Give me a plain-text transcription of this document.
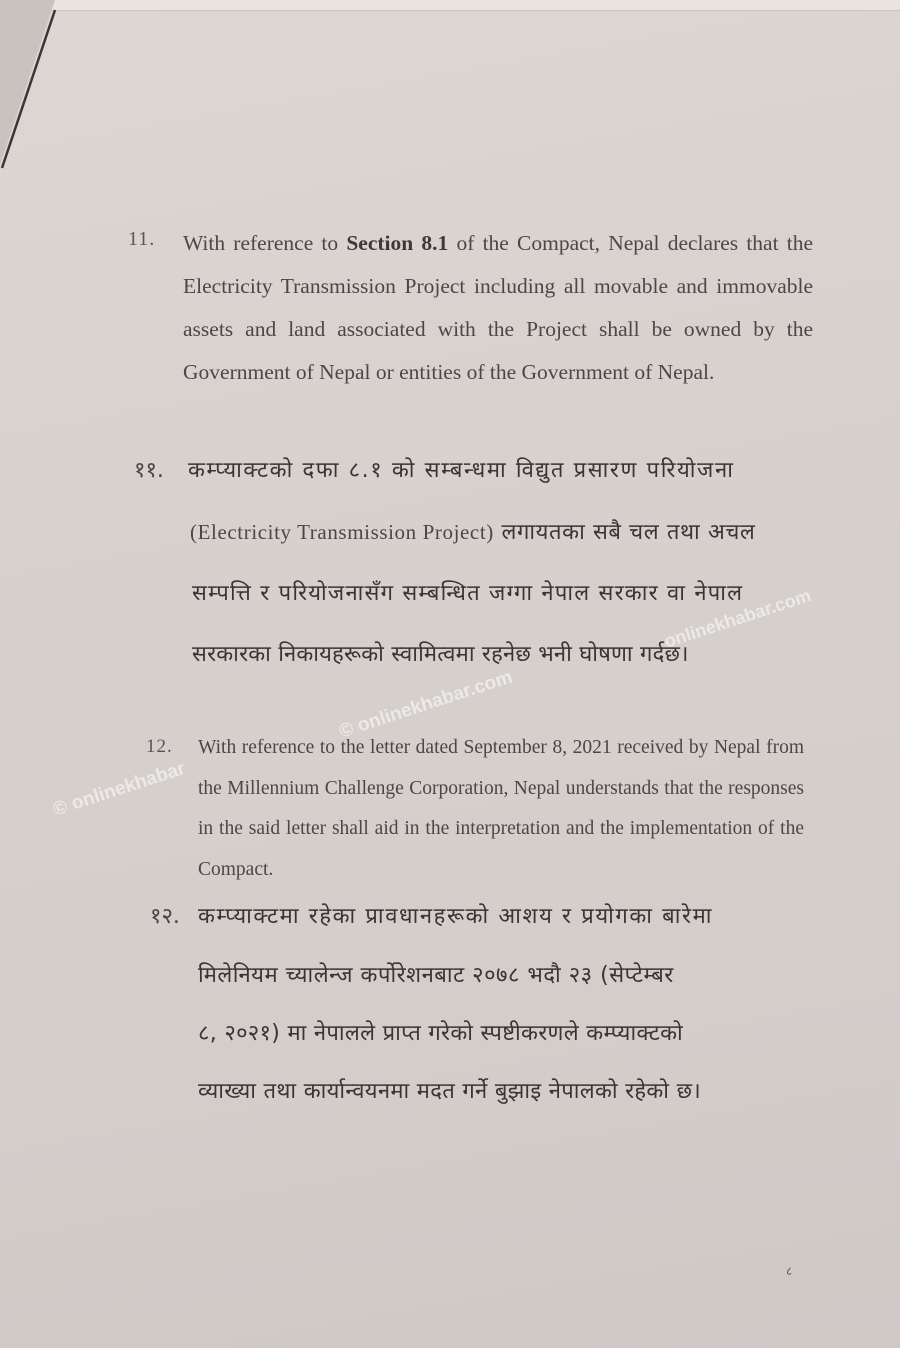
11. With reference to Section 8.1 of the Compact, Nepal declares that the Electricity Transmission Project including all movable and immovable assets and land associated with the Project shall be owned by the Government of Nepal or entities of the Government of Nepal.
११. कम्प्याक्टको दफा ८.१ को सम्बन्धमा विद्युत प्रसारण परियोजना
(Electricity Transmission Project) लगायतका सबै चल तथा अचल
सम्पत्ति र परियोजनासँग सम्बन्धित जग्गा नेपाल सरकार वा नेपाल
सरकारका निकायहरूको स्वामित्वमा रहनेछ भनी घोषणा गर्दछ।
12. With reference to the letter dated September 8, 2021 received by Nepal from the Millennium Challenge Corporation, Nepal understands that the responses in the said letter shall aid in the interpretation and the implementation of the Compact.
१२. कम्प्याक्टमा रहेका प्रावधानहरूको आशय र प्रयोगका बारेमा
मिलेनियम च्यालेन्ज कर्पोरेशनबाट २०७८ भदौ २३ (सेप्टेम्बर
८, २०२१) मा नेपालले प्राप्त गरेको स्पष्टीकरणले कम्प्याक्टको
व्याख्या तथा कार्यान्वयनमा मदत गर्ने बुझाइ नेपालको रहेको छ।
onlinekhabar.com
© onlinekhabar.com
© onlinekhabar
८
